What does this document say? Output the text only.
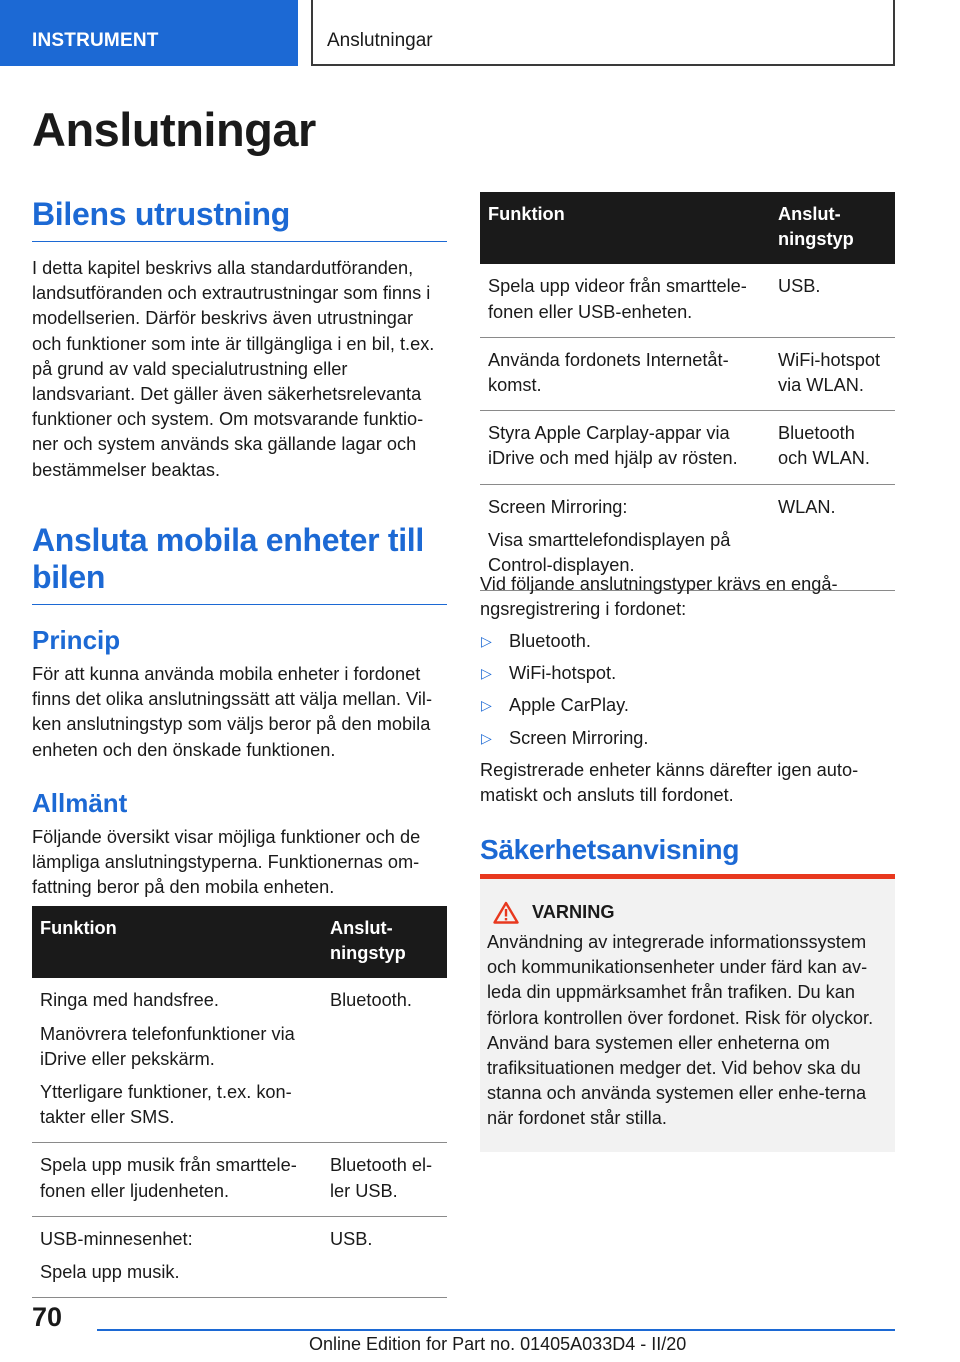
INSTRUMENT	Anslutningar
Anslutningar
Bilens utrustning

I detta kapitel beskrivs alla standardutföranden, landsutföranden och extrautrustningar som finns i modellserien. Därför beskrivs även utrustningar och funktioner som inte är tillgängliga i en bil, t.ex. på grund av vald specialutrustning eller landsvariant. Det gäller även säkerhetsrelevanta funktioner och system. Om motsvarande funktio-ner och system används ska gällande lagar och bestämmelser beaktas.

Ansluta mobila enheter till bilen
Princip

För att kunna använda mobila enheter i fordonet finns det olika anslutningssätt att välja mellan. Vil-ken anslutningstyp som väljs beror på den mobila enheten och den önskade funktionen.

Allmänt

Följande översikt visar möjliga funktioner och de lämpliga anslutningstyperna. Funktionernas om-fattning beror på den mobila enheten.

Funktion	Anslut-ningstyp

Ringa med handsfree.

Manövrera telefonfunktioner via iDrive eller pekskärm.

Ytterligare funktioner, t.ex. kon-takter eller SMS.	Bluetooth.

Spela upp musik från smarttele-fonen eller ljudenheten.	Bluetooth el-ler USB.

USB-minnesenhet:

Spela upp musik.	USB.
Funktion	Anslut-ningstyp

Spela upp videor från smarttele-fonen eller USB-enheten.	USB.

Använda fordonets Internetåt-komst.	WiFi-hotspot via WLAN.

Styra Apple Carplay-appar via iDrive och med hjälp av rösten.	Bluetooth och WLAN.

Screen Mirroring:

Visa smarttelefondisplayen på Control-displayen.	WLAN.

Vid följande anslutningstyper krävs en engå-ngsregistrering i fordonet:

▷ Bluetooth.
▷ WiFi-hotspot.
▷ Apple CarPlay.
▷ Screen Mirroring.

Registrerade enheter känns därefter igen auto-matiskt och ansluts till fordonet.

Säkerhetsanvisning
VARNING

Användning av integrerade informationssystem och kommunikationsenheter under färd kan av-leda din uppmärksamhet från trafiken. Du kan förlora kontrollen över fordonet. Risk för olyckor. Använd bara systemen eller enheterna om trafiksituationen medger det. Vid behov ska du stanna och använda systemen eller enhe-terna när fordonet står stilla.

70
Online Edition for Part no. 01405A033D4 - II/20
